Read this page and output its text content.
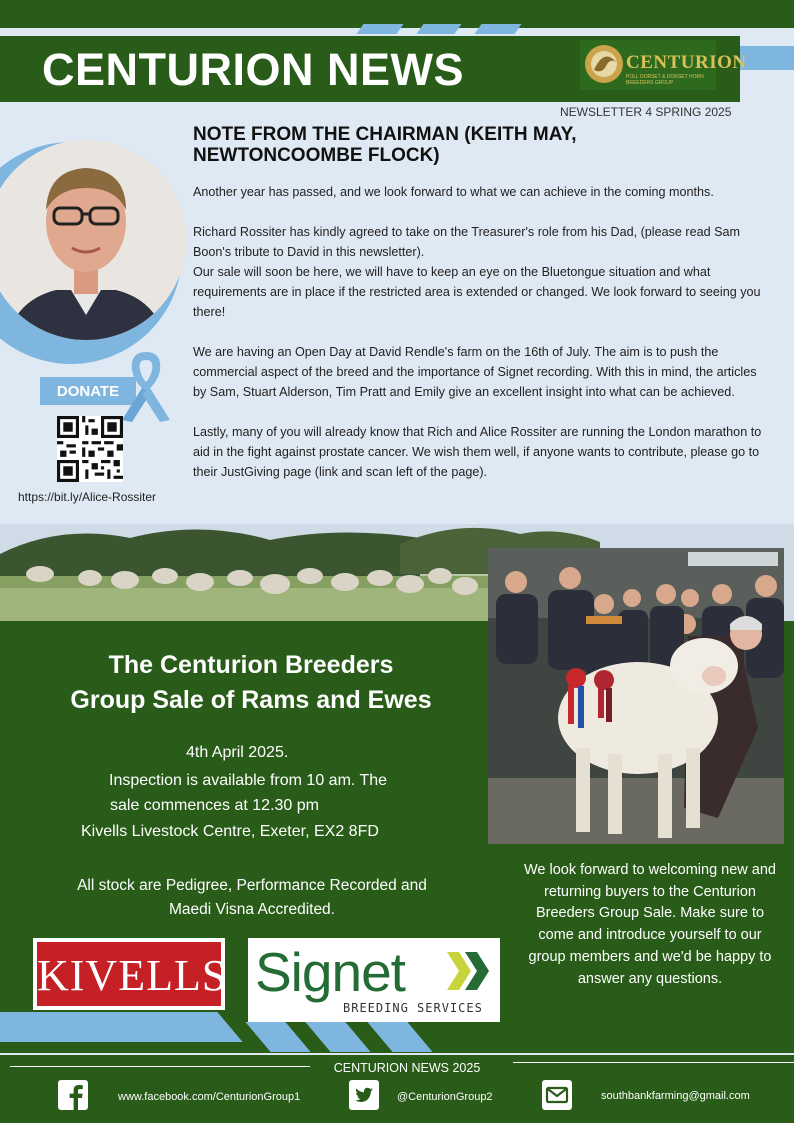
CENTURION NEWS	CENTURION
POLL DORSET & DORSET HORN BREEDERS GROUP
NEWSLETTER 4 SPRING 2025
NOTE FROM THE CHAIRMAN (KEITH MAY, NEWTONCOOMBE FLOCK)

Another year has passed, and we look forward to what we can achieve in the coming months.

Richard Rossiter has kindly agreed to take on the Treasurer's role from his Dad, (please read Sam Boon's tribute to David in this newsletter).

Our sale will soon be here, we will have to keep an eye on the Bluetongue situation and what requirements are in place if the restricted area is extended or changed. We look forward to seeing you there!

We are having an Open Day at David Rendle's farm on the 16th of July. The aim is to push the commercial aspect of the breed and the importance of Signet recording. With this in mind, the articles by Sam, Stuart Alderson, Tim Pratt and Emily give an excellent insight into what can be achieved.

Lastly, many of you will already know that Rich and Alice Rossiter are running the London marathon to aid in the fight against prostate cancer. We wish them well, if anyone wants to contribute, please go to their JustGiving page (link and scan left of the page).

DONATE
https://bit.ly/Alice-Rossiter
The Centurion Breeders
Group Sale of Rams and Ewes
4th April 2025.
Inspection is available from 10 am. The
sale commences at 12.30 pm
Kivells Livestock Centre, Exeter, EX2 8FD
All stock are Pedigree, Performance Recorded and
Maedi Visna Accredited.
KIVELLS Signet
BREEDING SERVICES
We look forward to welcoming new and returning buyers to the Centurion Breeders Group Sale. Make sure to come and introduce yourself to our group members and we'd be happy to answer any questions.
CENTURION NEWS 2025
www.facebook.com/CenturionGroup1	@CenturionGroup2	southbankfarming@gmail.com
